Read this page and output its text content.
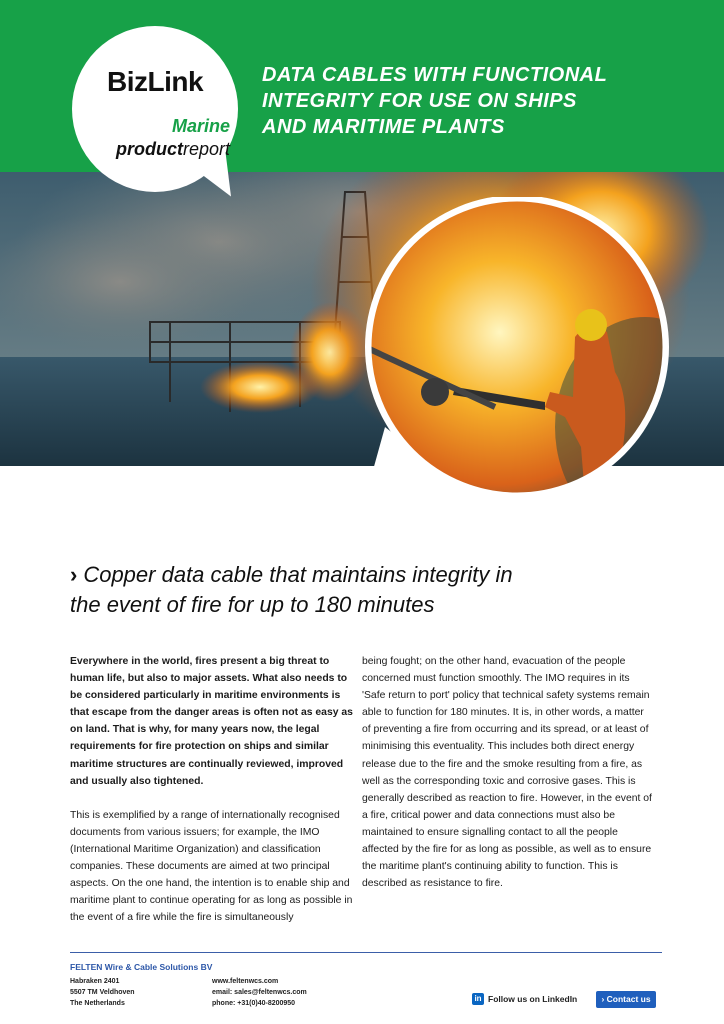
DATA CABLES WITH FUNCTIONAL
INTEGRITY FOR USE ON SHIPS
AND MARITIME PLANTS
BizLink
Marine
productreport
› Copper data cable that maintains integrity in
the event of fire for up to 180 minutes

Everywhere in the world, fires present a big threat to human life, but also to major assets. What also needs to be considered particularly in maritime environments is that escape from the danger areas is often not as easy as on land. That is why, for many years now, the legal requirements for fire protection on ships and similar maritime structures are continually reviewed, improved and usually also tightened.

This is exemplified by a range of internationally recognised documents from various issuers; for example, the IMO (International Maritime Organization) and classification companies. These documents are aimed at two principal aspects. On the one hand, the intention is to enable ship and maritime plant to continue operating for as long as possible in the event of a fire while the fire is simultaneously

being fought; on the other hand, evacuation of the people concerned must function smoothly. The IMO requires in its 'Safe return to port' policy that technical safety systems remain able to function for 180 minutes. It is, in other words, a matter of preventing a fire from occurring and its spread, or at least of minimising this eventuality. This includes both direct energy release due to the fire and the smoke resulting from a fire, as well as the corresponding toxic and corrosive gases. This is generally described as reaction to fire. However, in the event of a fire, critical power and data connections must also be maintained to ensure signalling contact to all the people affected by the fire for as long as possible, as well as to ensure the maritime plant's continuing ability to function. This is described as resistance to fire.

FELTEN Wire & Cable Solutions BV
Habraken 2401
5507 TM Veldhoven
The Netherlands
www.feltenwcs.com
email: sales@feltenwcs.com
phone: +31(0)40-8200950
in Follow us on LinkedIn	› Contact us
